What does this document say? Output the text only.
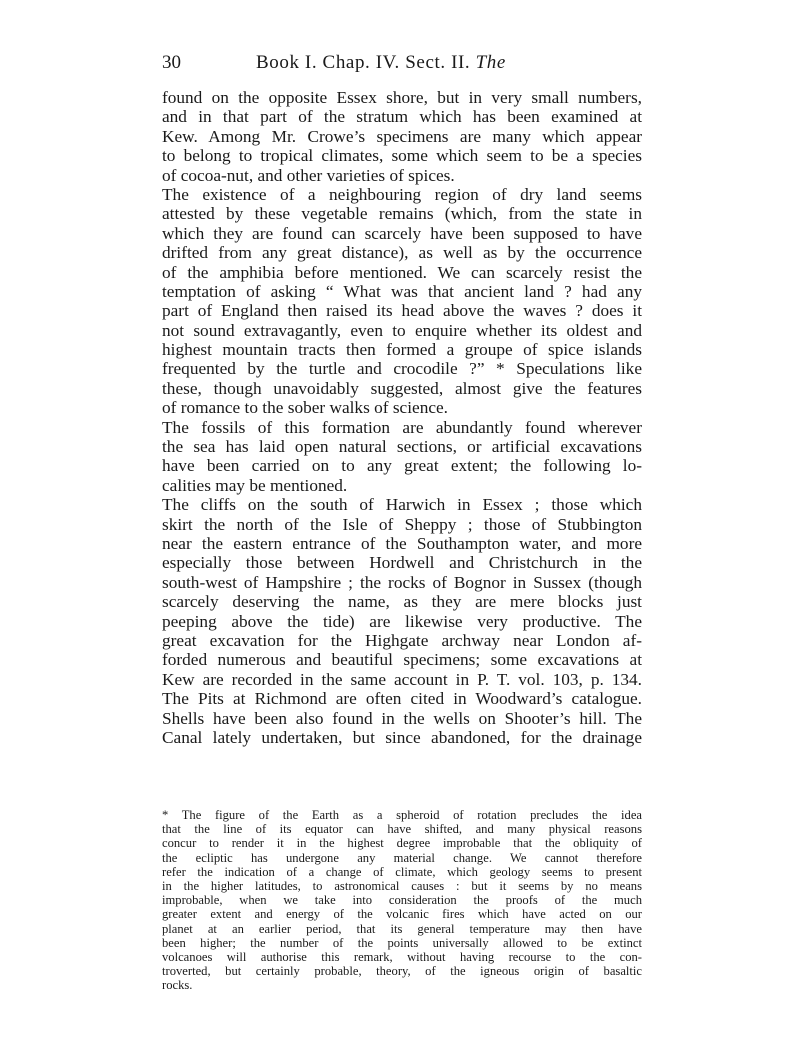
30	Book I. Chap. IV. Sect. II. The
found on the opposite Essex shore, but in very small numbers,
and in that part of the stratum which has been examined at
Kew. Among Mr. Crowe’s specimens are many which appear
to belong to tropical climates, some which seem to be a species
of cocoa-nut, and other varieties of spices.
The existence of a neighbouring region of dry land seems
attested by these vegetable remains (which, from the state in
which they are found can scarcely have been supposed to have
drifted from any great distance), as well as by the occurrence
of the amphibia before mentioned. We can scarcely resist the
temptation of asking “ What was that ancient land ? had any
part of England then raised its head above the waves ? does it
not sound extravagantly, even to enquire whether its oldest and
highest mountain tracts then formed a groupe of spice islands
frequented by the turtle and crocodile ?” * Speculations like
these, though unavoidably suggested, almost give the features
of romance to the sober walks of science.
The fossils of this formation are abundantly found wherever
the sea has laid open natural sections, or artificial excavations
have been carried on to any great extent; the following lo-
calities may be mentioned.
The cliffs on the south of Harwich in Essex ; those which
skirt the north of the Isle of Sheppy ; those of Stubbington
near the eastern entrance of the Southampton water, and more
especially those between Hordwell and Christchurch in the
south-west of Hampshire ; the rocks of Bognor in Sussex (though
scarcely deserving the name, as they are mere blocks just
peeping above the tide) are likewise very productive. The
great excavation for the Highgate archway near London af-
forded numerous and beautiful specimens; some excavations at
Kew are recorded in the same account in P. T. vol. 103, p. 134.
The Pits at Richmond are often cited in Woodward’s catalogue.
Shells have been also found in the wells on Shooter’s hill. The
Canal lately undertaken, but since abandoned, for the drainage
* The figure of the Earth as a spheroid of rotation precludes the idea
that the line of its equator can have shifted, and many physical reasons
concur to render it in the highest degree improbable that the obliquity of
the ecliptic has undergone any material change. We cannot therefore
refer the indication of a change of climate, which geology seems to present
in the higher latitudes, to astronomical causes : but it seems by no means
improbable, when we take into consideration the proofs of the much
greater extent and energy of the volcanic fires which have acted on our
planet at an earlier period, that its general temperature may then have
been higher; the number of the points universally allowed to be extinct
volcanoes will authorise this remark, without having recourse to the con-
troverted, but certainly probable, theory, of the igneous origin of basaltic
rocks.
